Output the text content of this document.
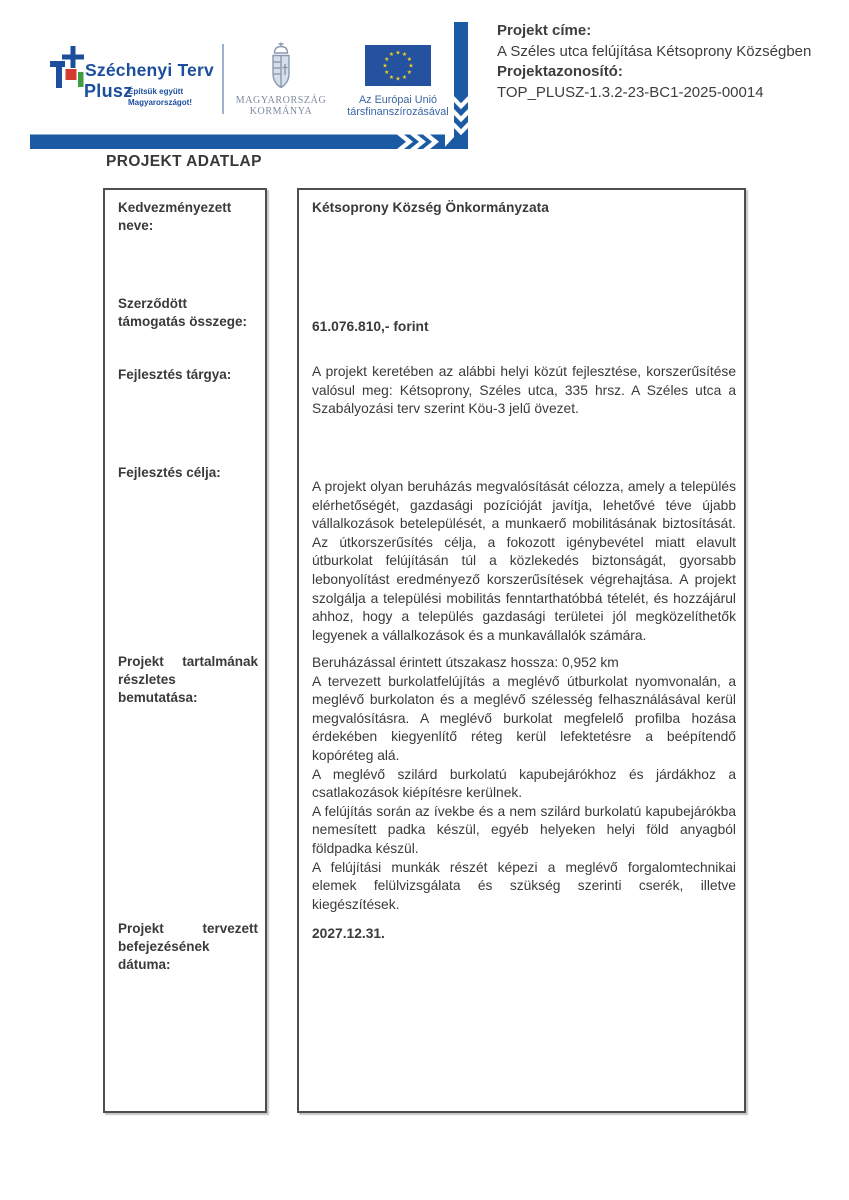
Széchenyi Terv
Plusz
Építsük együtt
Magyarországot!	MAGYARORSZÁG
KORMÁNYA
★ ★
★
★
★
★
★
★
★
★
★
★
Az Európai Unió
társfinanszírozásával
Projekt címe:
A Széles utca felújítása Kétsoprony Községben
Projektazonosító:
TOP_PLUSZ-1.3.2-23-BC1-2025-00014
PROJEKT ADATLAP
Kedvezményezett neve:
Szerződött támogatás összege:
Fejlesztés tárgya:
Fejlesztés célja:
Projekt tartalmának részletes bemutatása:
Projekt tervezett befejezésének dátuma:
Kétsoprony Község Önkormányzata
61.076.810,- forint

A projekt keretében az alábbi helyi közút fejlesztése, korszerűsítése valósul meg: Kétsoprony, Széles utca, 335 hrsz. A Széles utca a Szabályozási terv szerint Köu-3 jelű övezet.

A projekt olyan beruházás megvalósítását célozza, amely a település elérhetőségét, gazdasági pozícióját javítja, lehetővé téve újabb vállalkozások betelepülését, a munkaerő mobilitásának biztosítását. Az útkorszerűsítés célja, a fokozott igénybevétel miatt elavult útburkolat felújításán túl a közlekedés biztonságát, gyorsabb lebonyolítást eredményező korszerűsítések végrehajtása. A projekt szolgálja a települési mobilitás fenntarthatóbbá tételét, és hozzájárul ahhoz, hogy a település gazdasági területei jól megközelíthetők legyenek a vállalkozások és a munkavállalók számára.

Beruházással érintett útszakasz hossza: 0,952 km

A tervezett burkolatfelújítás a meglévő útburkolat nyomvonalán, a meglévő burkolaton és a meglévő szélesség felhasználásával kerül megvalósításra. A meglévő burkolat megfelelő profilba hozása érdekében kiegyenlítő réteg kerül lefektetésre a beépítendő kopóréteg alá.

A meglévő szilárd burkolatú kapubejárókhoz és járdákhoz a csatlakozások kiépítésre kerülnek.

A felújítás során az ívekbe és a nem szilárd burkolatú kapubejárókba nemesített padka készül, egyéb helyeken helyi föld anyagból földpadka készül.

A felújítási munkák részét képezi a meglévő forgalomtechnikai elemek felülvizsgálata és szükség szerinti cserék, illetve kiegészítések.

2027.12.31.
